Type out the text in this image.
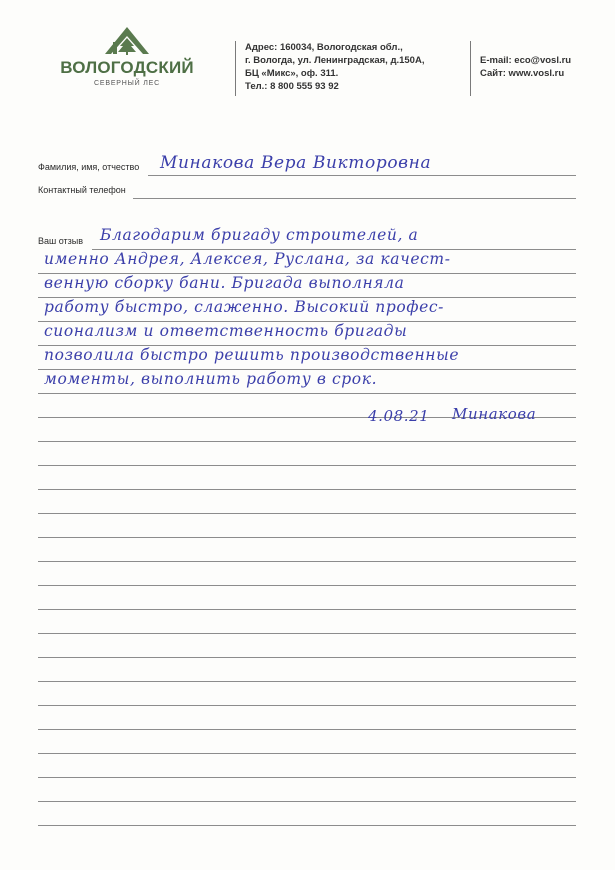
ВОЛОГОДСКИЙ
СЕВЕРНЫЙ ЛЕС
Адрес: 160034, Вологодская обл.,
г. Вологда, ул. Ленинградская, д.150А,
БЦ «Микс», оф. 311.
Тел.: 8 800 555 93 92
E-mail: eco@vosl.ru
Сайт: www.vosl.ru
Фамилия, имя, отчество Минакова Вера Викторовна
Контактный телефон
Ваш отзыв Благодарим бригаду строителей, а
именно Андрея, Алексея, Руслана, за качест-
венную сборку бани. Бригада выполняла
работу быстро, слаженно. Высокий профес-
сионализм и ответственность бригады
позволила быстро решить производственные
моменты, выполнить работу в срок.
4.08.21 Минакова
